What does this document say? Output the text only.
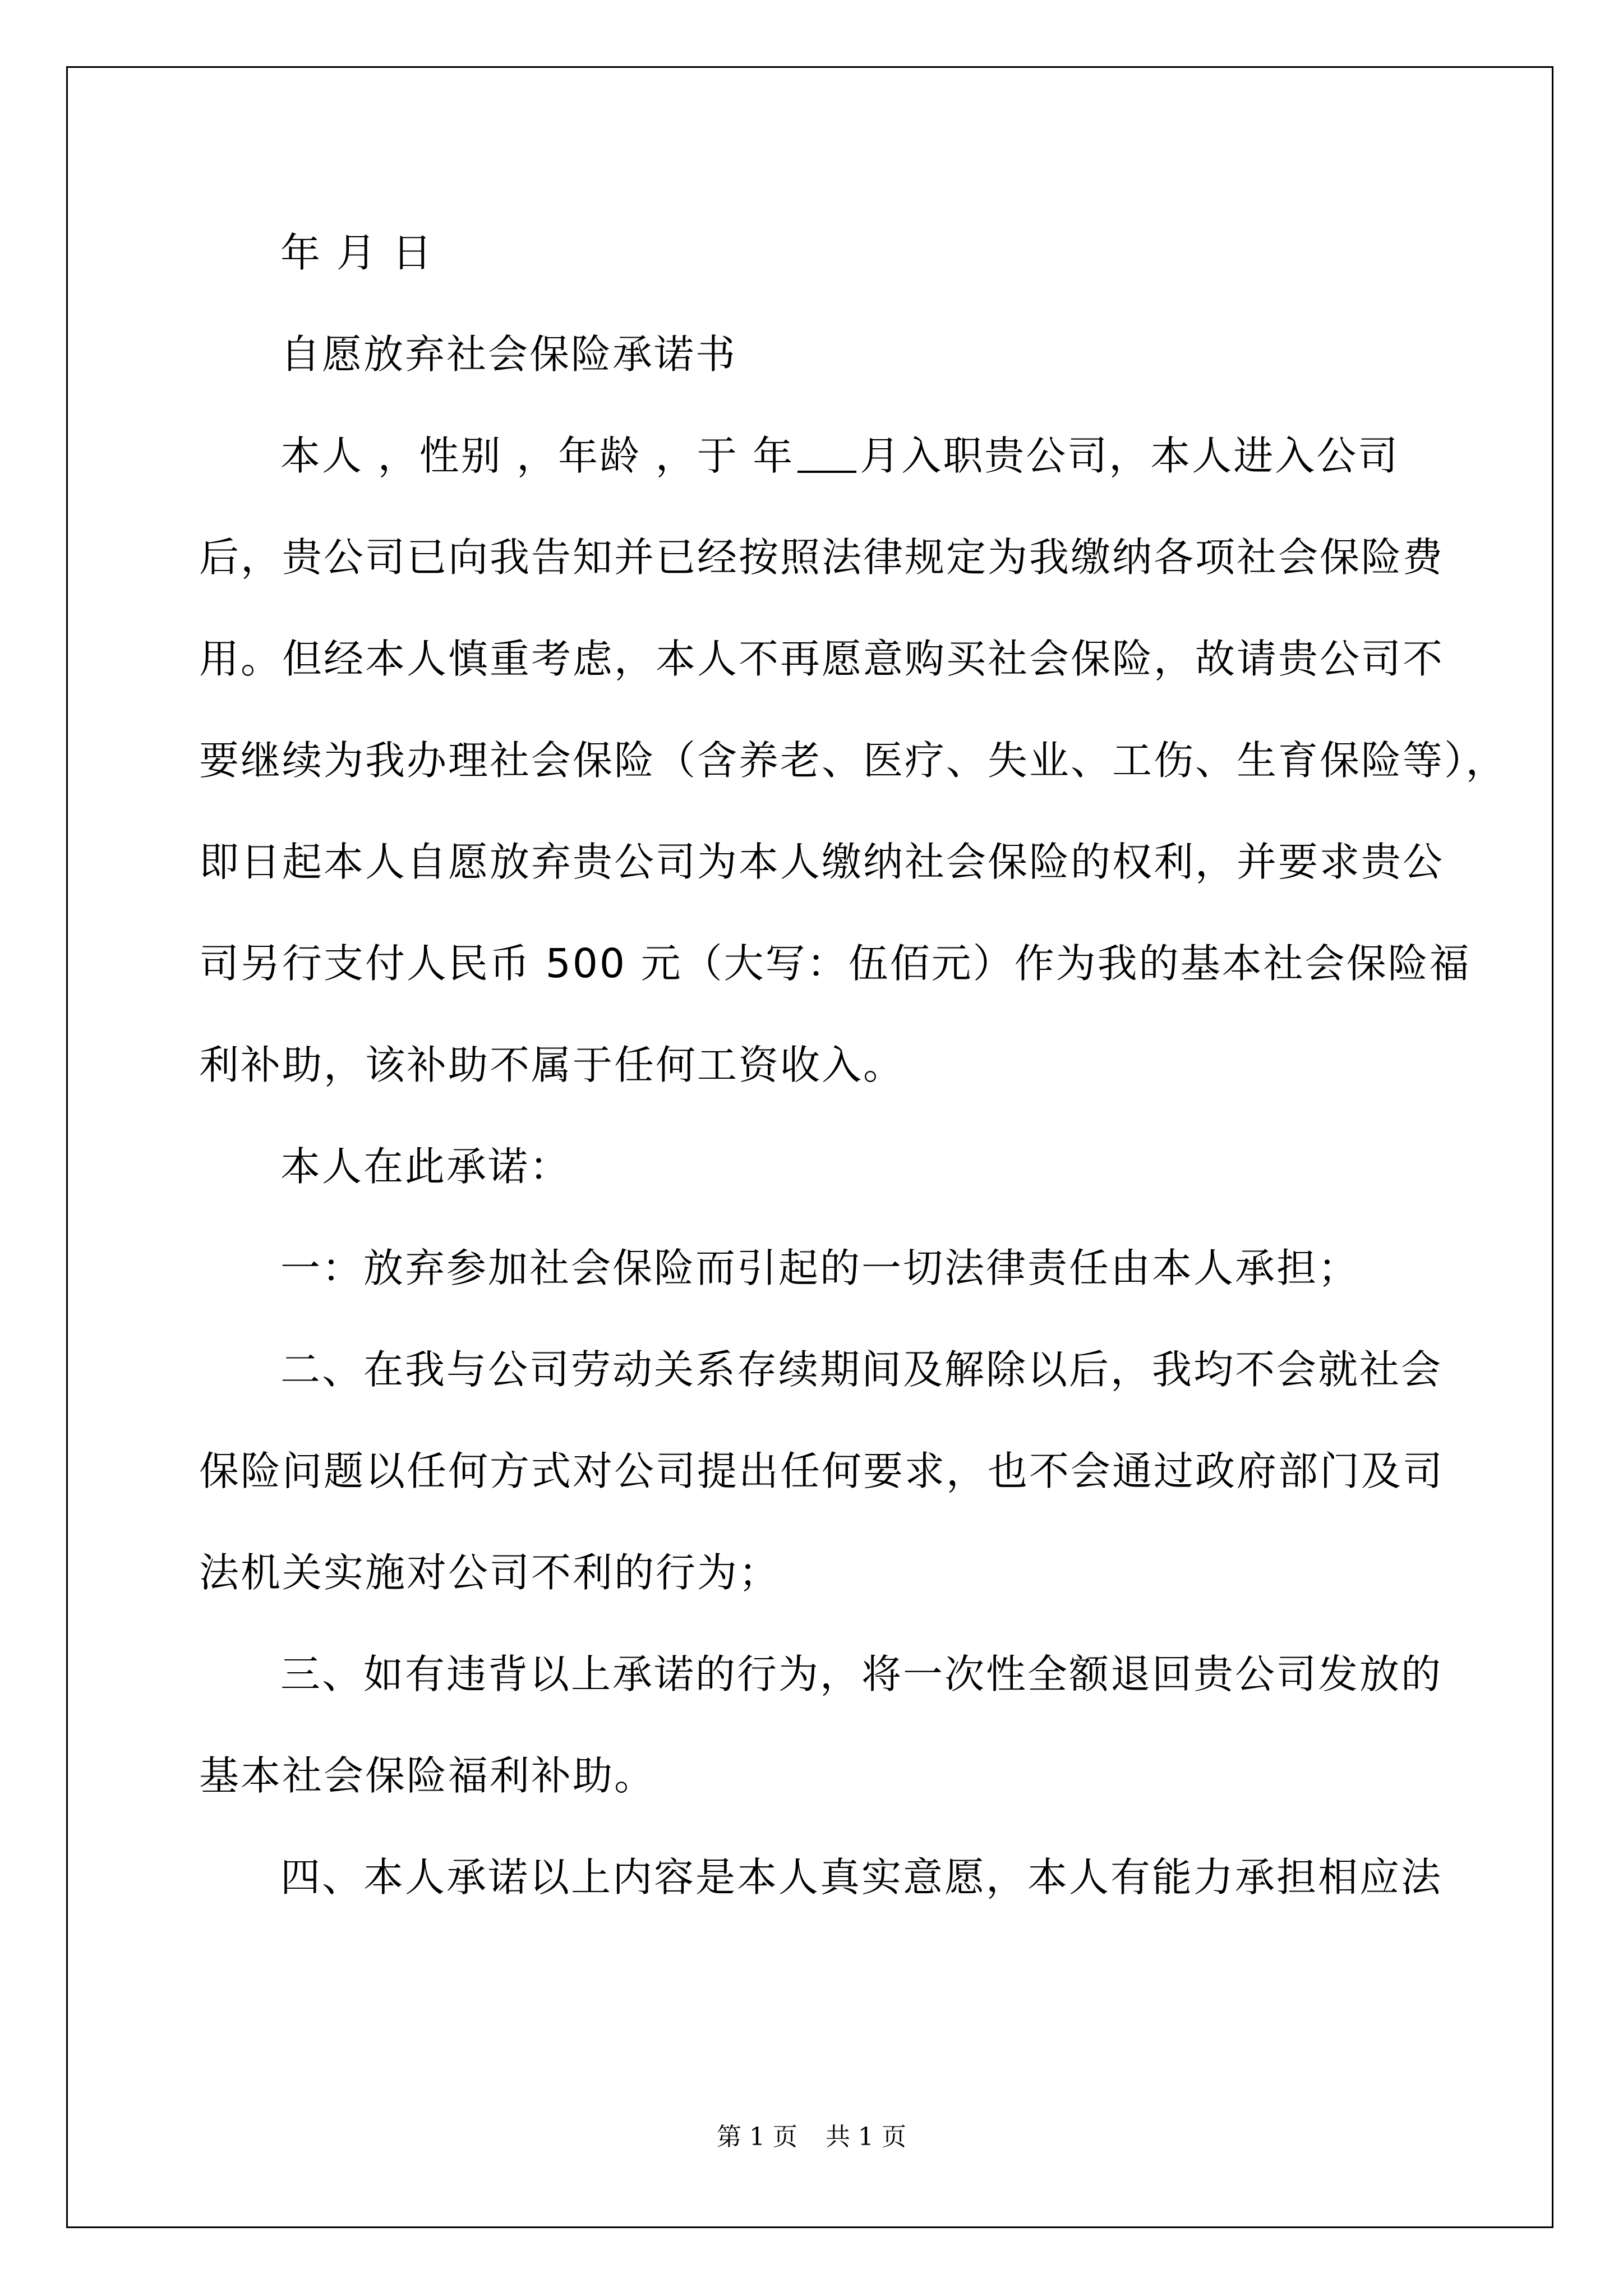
年 月 日
自愿放弃社会保险承诺书
本人 ，性别 ，年龄 ，于 年 月入职贵公司，本人进入公司
后，贵公司已向我告知并已经按照法律规定为我缴纳各项社会保险费
用。但经本人慎重考虑，本人不再愿意购买社会保险，故请贵公司不
要继续为我办理社会保险（含养老、医疗、失业、工伤、生育保险等），
即日起本人自愿放弃贵公司为本人缴纳社会保险的权利，并要求贵公
司另行支付人民币 500 元（大写：伍佰元）作为我的基本社会保险福
利补助，该补助不属于任何工资收入。
本人在此承诺：
一：放弃参加社会保险而引起的一切法律责任由本人承担；
二、在我与公司劳动关系存续期间及解除以后，我均不会就社会
保险问题以任何方式对公司提出任何要求，也不会通过政府部门及司
法机关实施对公司不利的行为；
三、如有违背以上承诺的行为，将一次性全额退回贵公司发放的
基本社会保险福利补助。
四、本人承诺以上内容是本人真实意愿，本人有能力承担相应法
第 1 页 共 1 页
